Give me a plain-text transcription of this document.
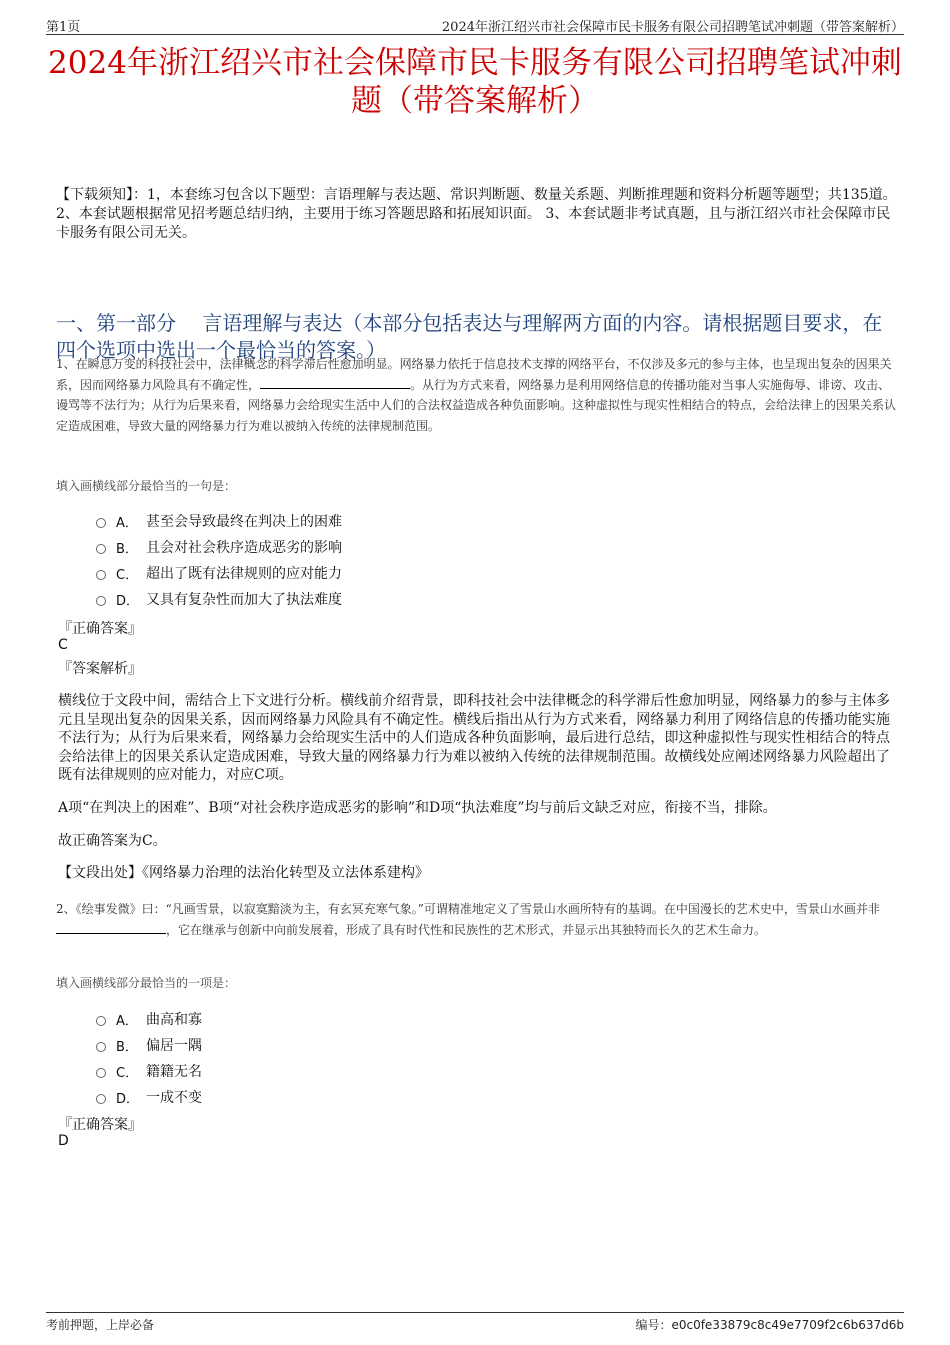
第1页	2024年浙江绍兴市社会保障市民卡服务有限公司招聘笔试冲刺题（带答案解析）
2024年浙江绍兴市社会保障市民卡服务有限公司招聘笔试冲刺题（带答案解析）
【下载须知】：1，本套练习包含以下题型：言语理解与表达题、常识判断题、数量关系题、判断推理题和资料分析题等题型；共135道。 2、本套试题根据常见招考题总结归纳，主要用于练习答题思路和拓展知识面。 3、本套试题非考试真题，且与浙江绍兴市社会保障市民卡服务有限公司无关。
一、第一部分　 言语理解与表达（本部分包括表达与理解两方面的内容。请根据题目要求，在四个选项中选出一个最恰当的答案。）
1、在瞬息万变的科技社会中，法律概念的科学滞后性愈加明显。网络暴力依托于信息技术支撑的网络平台，不仅涉及多元的参与主体，也呈现出复杂的因果关系，因而网络暴力风险具有不确定性，	。从行为方式来看，网络暴力是利用网络信息的传播功能对当事人实施侮辱、诽谤、攻击、谩骂等不法行为；从行为后果来看，网络暴力会给现实生活中人们的合法权益造成各种负面影响。这种虚拟性与现实性相结合的特点，会给法律上的因果关系认定造成困难，导致大量的网络暴力行为难以被纳入传统的法律规制范围。
填入画横线部分最恰当的一句是：
A． 甚至会导致最终在判决上的困难
B． 且会对社会秩序造成恶劣的影响
C． 超出了既有法律规则的应对能力
D． 又具有复杂性而加大了执法难度
『正确答案』
C
『答案解析』
横线位于文段中间，需结合上下文进行分析。横线前介绍背景，即科技社会中法律概念的科学滞后性愈加明显，网络暴力的参与主体多元且呈现出复杂的因果关系，因而网络暴力风险具有不确定性。横线后指出从行为方式来看，网络暴力利用了网络信息的传播功能实施不法行为；从行为后果来看，网络暴力会给现实生活中的人们造成各种负面影响，最后进行总结，即这种虚拟性与现实性相结合的特点会给法律上的因果关系认定造成困难，导致大量的网络暴力行为难以被纳入传统的法律规制范围。故横线处应阐述网络暴力风险超出了既有法律规则的应对能力，对应C项。
A项“在判决上的困难”、B项“对社会秩序造成恶劣的影响”和D项“执法难度”均与前后文缺乏对应，衔接不当，排除。
故正确答案为C。
【文段出处】《网络暴力治理的法治化转型及立法体系建构》
2、《绘事发微》曰：“凡画雪景，以寂寞黯淡为主，有玄冥充寒气象。”可谓精准地定义了雪景山水画所特有的基调。在中国漫长的艺术史中，雪景山水画并非，它在继承与创新中向前发展着，形成了具有时代性和民族性的艺术形式，并显示出其独特而长久的艺术生命力。
填入画横线部分最恰当的一项是：
A． 曲高和寡
B． 偏居一隅
C． 籍籍无名
D． 一成不变
『正确答案』
D
考前押题，上岸必备	编号：e0c0fe33879c8c49e7709f2c6b637d6b
